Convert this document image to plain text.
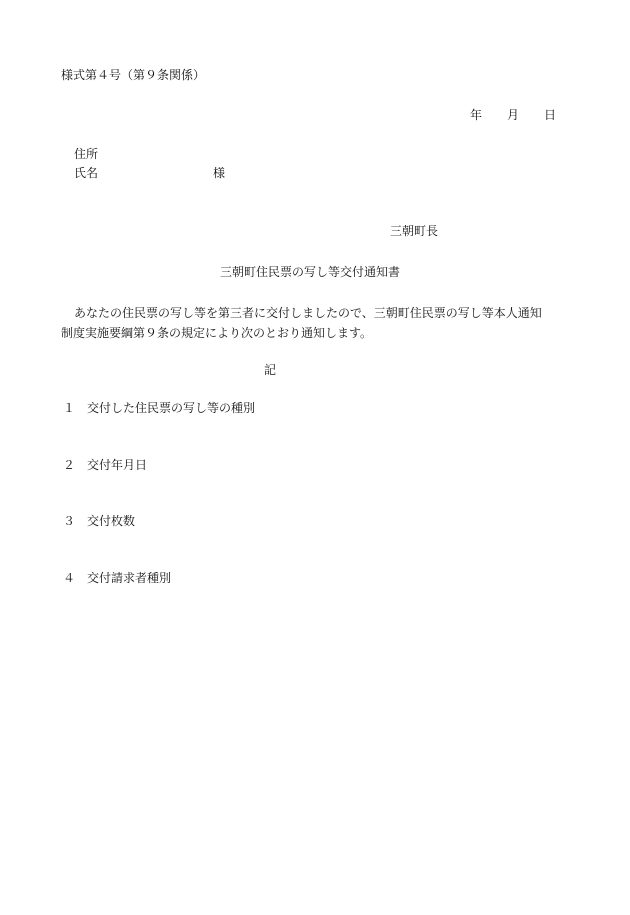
様式第４号（第９条関係）
年 月 日
住所
氏名	様
三朝町長
三朝町住民票の写し等交付通知書
あなたの住民票の写し等を第三者に交付しましたので、三朝町住民票の写し等本人通知
制度実施要綱第９条の規定により次のとおり通知します。
記
１ 交付した住民票の写し等の種別
２ 交付年月日
３ 交付枚数
４ 交付請求者種別
